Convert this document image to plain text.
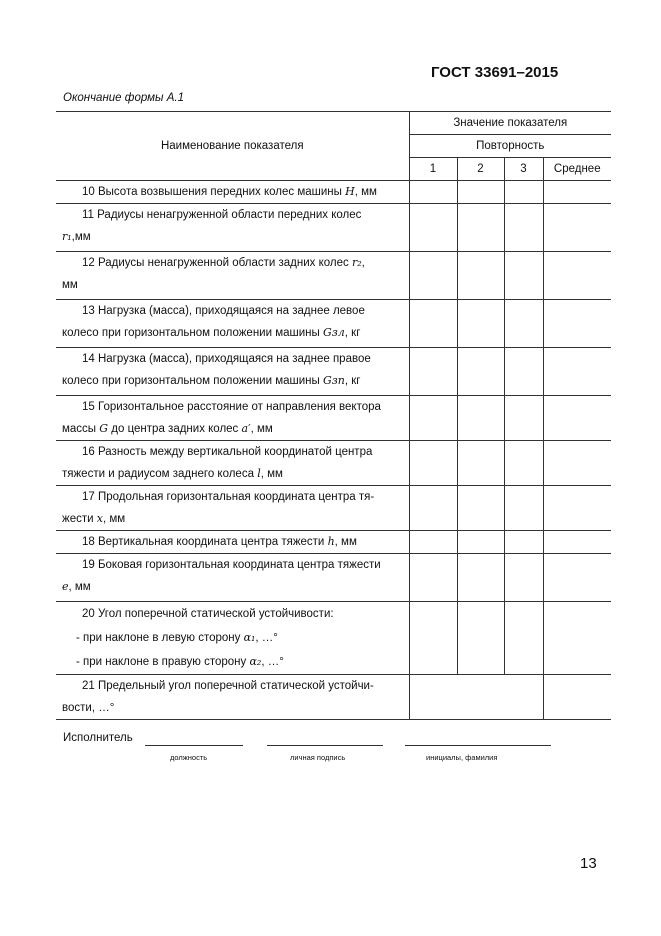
ГОСТ 33691–2015
Окончание формы А.1
Наименование показателя	Значение показателя			
	Повторность			
	1	2	3	Среднее
10 Высота возвышения передних колес машины H, мм				

11 Радиусы ненагруженной области передних колес
r₁,мм				

12 Радиусы ненагруженной области задних колес r₂,
мм				

13 Нагрузка (масса), приходящаяся на заднее левое
колесо при горизонтальном положении машины Gзл, кг				

14 Нагрузка (масса), приходящаяся на заднее правое
колесо при горизонтальном положении машины Gзп, кг				

15 Горизонтальное расстояние от направления вектора
массы G до центра задних колес a′, мм				

16 Разность между вертикальной координатой центра
тяжести и радиусом заднего колеса l, мм				

17 Продольная горизонтальная координата центра тя-
жести x, мм				
18 Вертикальная координата центра тяжести h, мм				

19 Боковая горизонтальная координата центра тяжести
e, мм				

20 Угол поперечной статической устойчивости:
- при наклоне в левую сторону α₁, …°
- при наклоне в правую сторону α₂, …°				

21 Предельный угол поперечной статической устойчи-
вости, …°				
Исполнитель
должность	личная подпись	инициалы, фамилия
13
